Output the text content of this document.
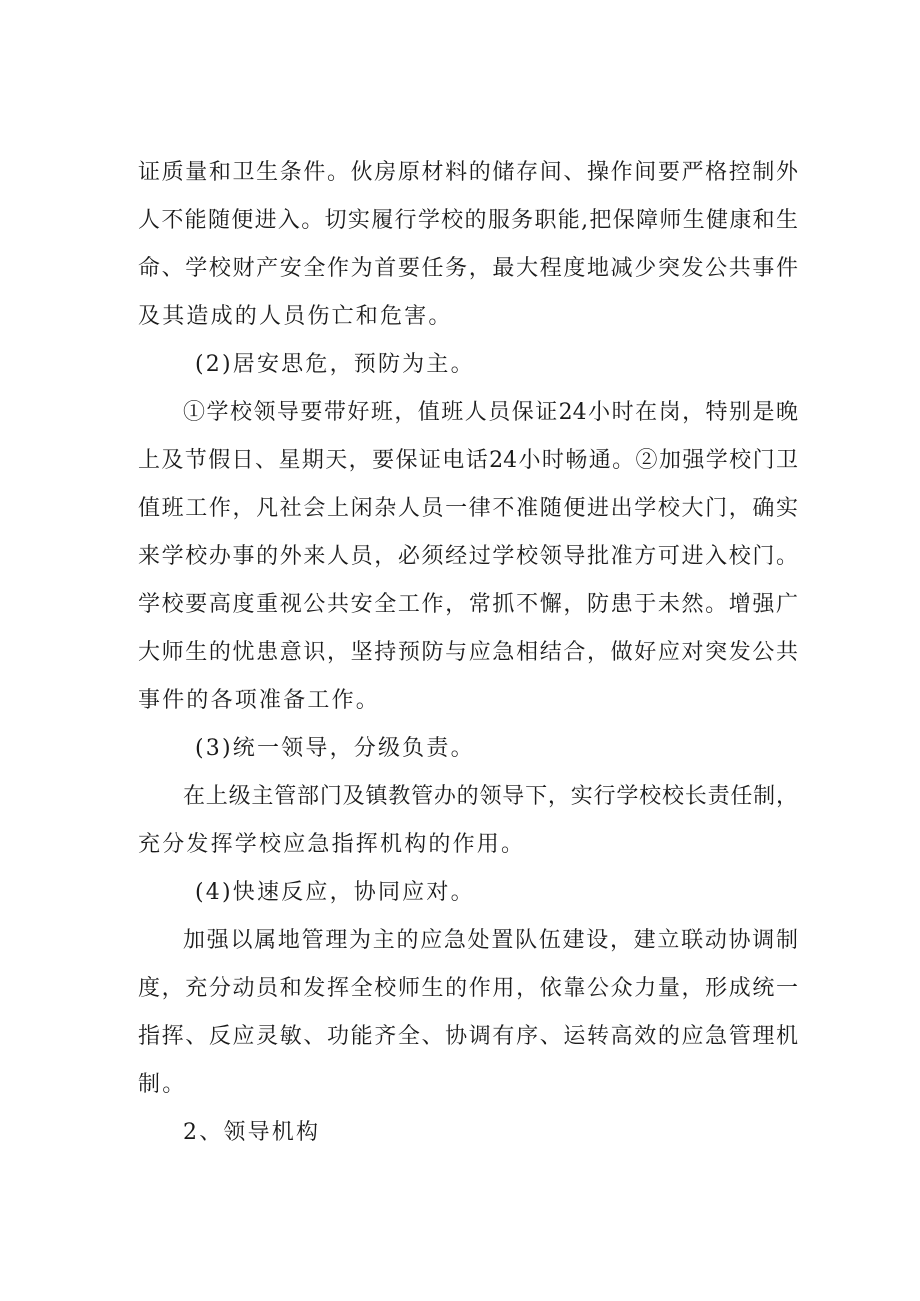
证质量和卫生条件。伙房原材料的储存间、操作间要严格控制外
人不能随便进入。切实履行学校的服务职能,把保障师生健康和生
命、学校财产安全作为首要任务，最大程度地减少突发公共事件
及其造成的人员伤亡和危害。
(2)居安思危，预防为主。
①学校领导要带好班，值班人员保证24小时在岗，特别是晚
上及节假日、星期天，要保证电话24小时畅通。②加强学校门卫
值班工作，凡社会上闲杂人员一律不准随便进出学校大门，确实
来学校办事的外来人员，必须经过学校领导批准方可进入校门。
学校要高度重视公共安全工作，常抓不懈，防患于未然。增强广
大师生的忧患意识，坚持预防与应急相结合，做好应对突发公共
事件的各项准备工作。
(3)统一领导，分级负责。
在上级主管部门及镇教管办的领导下，实行学校校长责任制，
充分发挥学校应急指挥机构的作用。
(4)快速反应，协同应对。
加强以属地管理为主的应急处置队伍建设，建立联动协调制
度，充分动员和发挥全校师生的作用，依靠公众力量，形成统一
指挥、反应灵敏、功能齐全、协调有序、运转高效的应急管理机
制。
2、领导机构
